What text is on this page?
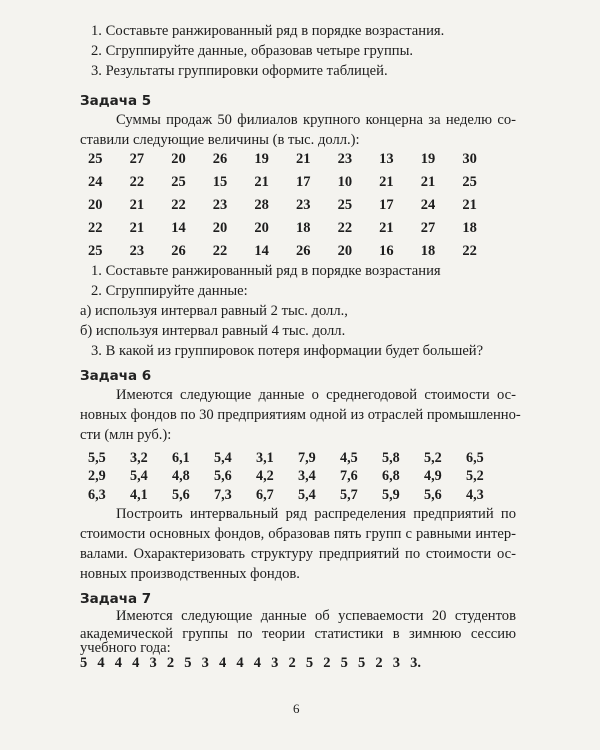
1. Составьте ранжированный ряд в порядке возрастания.
2. Сгруппируйте данные, образовав четыре группы.
3. Результаты группировки оформите таблицей.
Задача 5
Суммы продаж 50 филиалов крупного концерна за неделю со-
ставили следующие величины (в тыс. долл.):
25	27	20	26	19	21	23	13	19	30
24	22	25	15	21	17	10	21	21	25
20	21	22	23	28	23	25	17	24	21
22	21	14	20	20	18	22	21	27	18
25	23	26	22	14	26	20	16	18	22
1. Составьте ранжированный ряд в порядке возрастания
2. Сгруппируйте данные:
а) используя интервал равный 2 тыс. долл.,
б) используя интервал равный 4 тыс. долл.
3. В какой из группировок потеря информации будет большей?
Задача 6
Имеются следующие данные о среднегодовой стоимости ос-
новных фондов по 30 предприятиям одной из отраслей промышленно-
сти (млн руб.):
5,5	3,2	6,1	5,4	3,1	7,9	4,5	5,8	5,2	6,5
2,9	5,4	4,8	5,6	4,2	3,4	7,6	6,8	4,9	5,2
6,3	4,1	5,6	7,3	6,7	5,4	5,7	5,9	5,6	4,3
Построить интервальный ряд распределения предприятий по
стоимости основных фондов, образовав пять групп с равными интер-
валами. Охарактеризовать структуру предприятий по стоимости ос-
новных производственных фондов.
Задача 7
Имеются следующие данные об успеваемости 20 студентов
академической группы по теории статистики в зимнюю сессию
учебного года:
5 4 4 4 3 2 5 3 4 4 4 3 2 5 2 5 5 2 3 3.
6
